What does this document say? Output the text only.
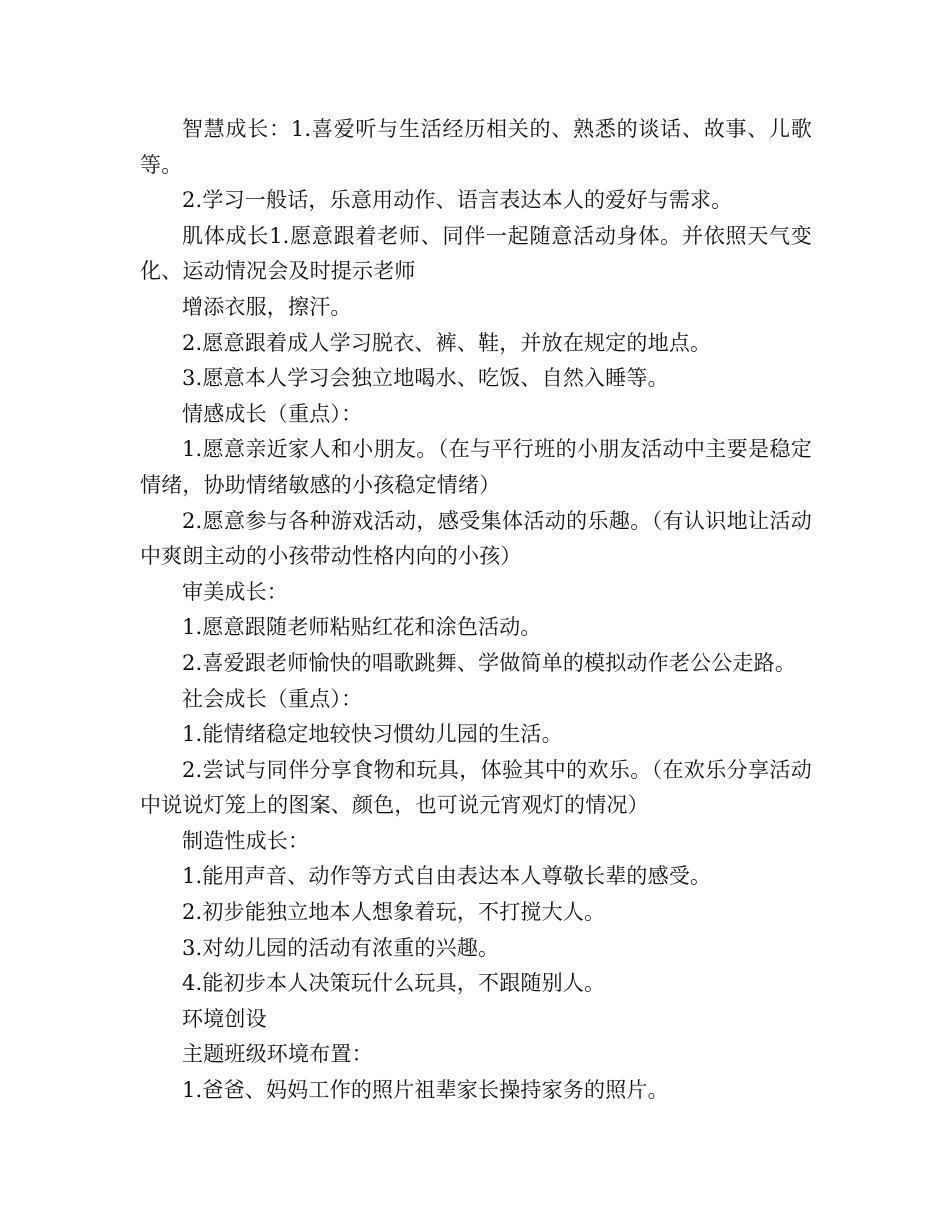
智慧成长：1.喜爱听与生活经历相关的、熟悉的谈话、故事、儿歌等。

2.学习一般话，乐意用动作、语言表达本人的爱好与需求。

肌体成长1.愿意跟着老师、同伴一起随意活动身体。并依照天气变化、运动情况会及时提示老师

增添衣服，擦汗。

2.愿意跟着成人学习脱衣、裤、鞋，并放在规定的地点。

3.愿意本人学习会独立地喝水、吃饭、自然入睡等。

情感成长（重点）：

1.愿意亲近家人和小朋友。（在与平行班的小朋友活动中主要是稳定情绪，协助情绪敏感的小孩稳定情绪）

2.愿意参与各种游戏活动，感受集体活动的乐趣。（有认识地让活动中爽朗主动的小孩带动性格内向的小孩）

审美成长：

1.愿意跟随老师粘贴红花和涂色活动。

2.喜爱跟老师愉快的唱歌跳舞、学做简单的模拟动作老公公走路。

社会成长（重点）：

1.能情绪稳定地较快习惯幼儿园的生活。

2.尝试与同伴分享食物和玩具，体验其中的欢乐。（在欢乐分享活动中说说灯笼上的图案、颜色，也可说元宵观灯的情况）

制造性成长：

1.能用声音、动作等方式自由表达本人尊敬长辈的感受。

2.初步能独立地本人想象着玩，不打搅大人。

3.对幼儿园的活动有浓重的兴趣。

4.能初步本人决策玩什么玩具，不跟随别人。

环境创设

主题班级环境布置：

1.爸爸、妈妈工作的照片祖辈家长操持家务的照片。
